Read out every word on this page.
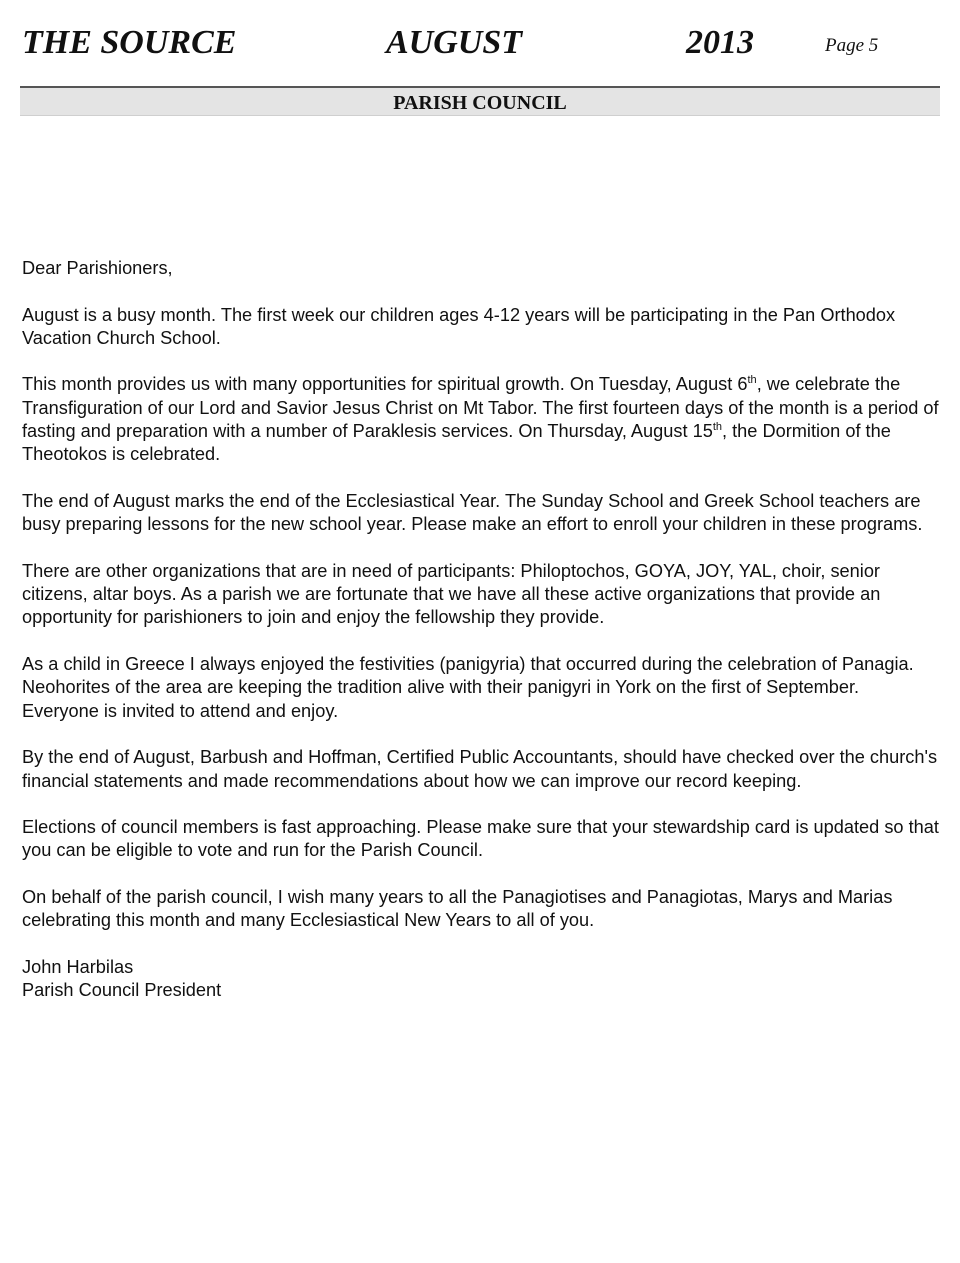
THE SOURCE	AUGUST	2013	Page 5
PARISH COUNCIL

Dear Parishioners,

August is a busy month. The first week our children ages 4-12 years will be participating in the Pan Orthodox Vacation Church School.

This month provides us with many opportunities for spiritual growth. On Tuesday, August 6th, we celebrate the Transfiguration of our Lord and Savior Jesus Christ on Mt Tabor. The first fourteen days of the month is a period of fasting and preparation with a number of Paraklesis services. On Thursday, August 15th, the Dormition of the Theotokos is celebrated.

The end of August marks the end of the Ecclesiastical Year. The Sunday School and Greek School teachers are busy preparing lessons for the new school year. Please make an effort to enroll your children in these programs.

There are other organizations that are in need of participants: Philoptochos, GOYA, JOY, YAL, choir, senior citizens, altar boys. As a parish we are fortunate that we have all these active organizations that provide an opportunity for parishioners to join and enjoy the fellowship they provide.

As a child in Greece I always enjoyed the festivities (panigyria) that occurred during the celebration of Panagia. Neohorites of the area are keeping the tradition alive with their panigyri in York on the first of September. Everyone is invited to attend and enjoy.

By the end of August, Barbush and Hoffman, Certified Public Accountants, should have checked over the church's financial statements and made recommendations about how we can improve our record keeping.

Elections of council members is fast approaching. Please make sure that your stewardship card is updated so that you can be eligible to vote and run for the Parish Council.

On behalf of the parish council, I wish many years to all the Panagiotises and Panagiotas, Marys and Marias celebrating this month and many Ecclesiastical New Years to all of you.

John Harbilas

Parish Council President
